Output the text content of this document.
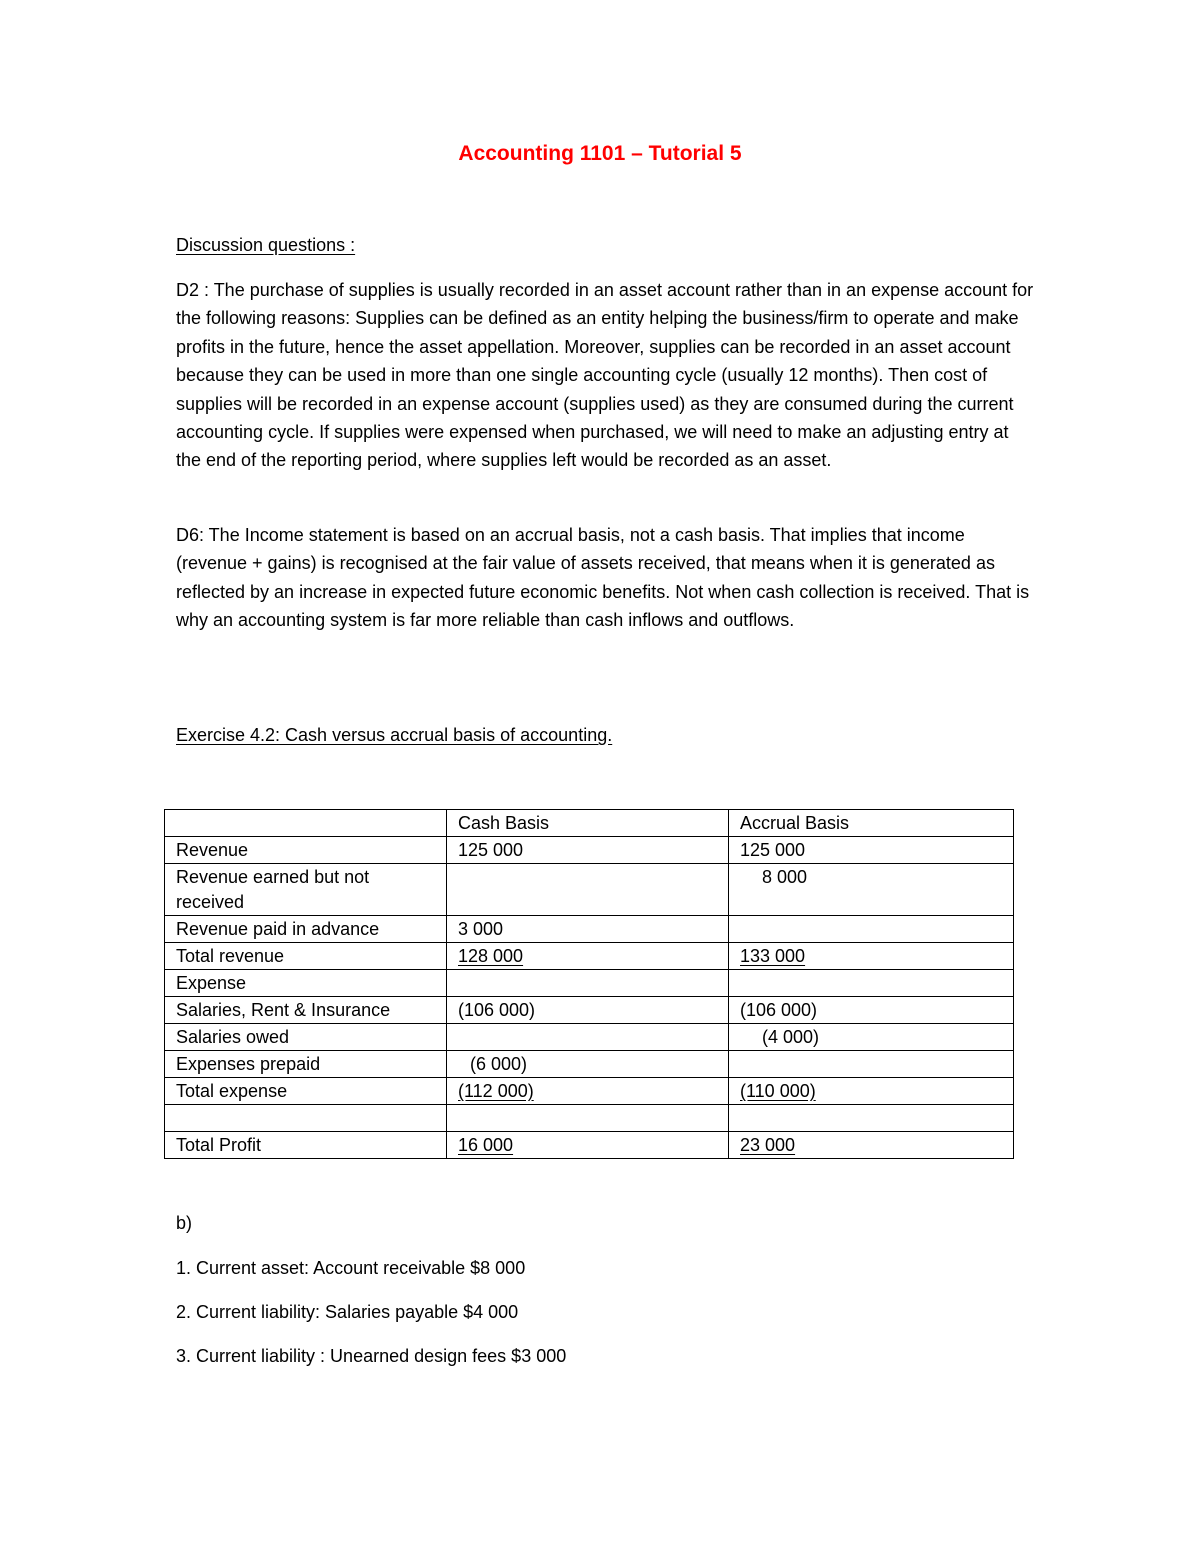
Accounting 1101 – Tutorial 5
Discussion questions :

D2 : The purchase of supplies is usually recorded in an asset account rather than in an expense account for the following reasons: Supplies can be defined as an entity helping the business/firm to operate and make profits in the future, hence the asset appellation. Moreover, supplies can be recorded in an asset account because they can be used in more than one single accounting cycle (usually 12 months). Then cost of supplies will be recorded in an expense account (supplies used) as they are consumed during the current accounting cycle. If supplies were expensed when purchased, we will need to make an adjusting entry at the end of the reporting period, where supplies left would be recorded as an asset.

D6: The Income statement is based on an accrual basis, not a cash basis. That implies that income (revenue + gains) is recognised at the fair value of assets received, that means when it is generated as reflected by an increase in expected future economic benefits. Not when cash collection is received. That is why an accounting system is far more reliable than cash inflows and outflows.

Exercise 4.2: Cash versus accrual basis of accounting.
	Cash Basis	Accrual Basis
Revenue	125 000	125 000
Revenue earned but not received		8 000
Revenue paid in advance	3 000	
Total revenue	128 000	133 000
Expense		
Salaries, Rent & Insurance	(106 000)	(106 000)
Salaries owed		(4 000)
Expenses prepaid	(6 000)	
Total expense	(112 000)	(110 000)

Total Profit	16 000	23 000
b)
1. Current asset: Account receivable $8 000
2. Current liability: Salaries payable $4 000
3. Current liability : Unearned design fees $3 000
